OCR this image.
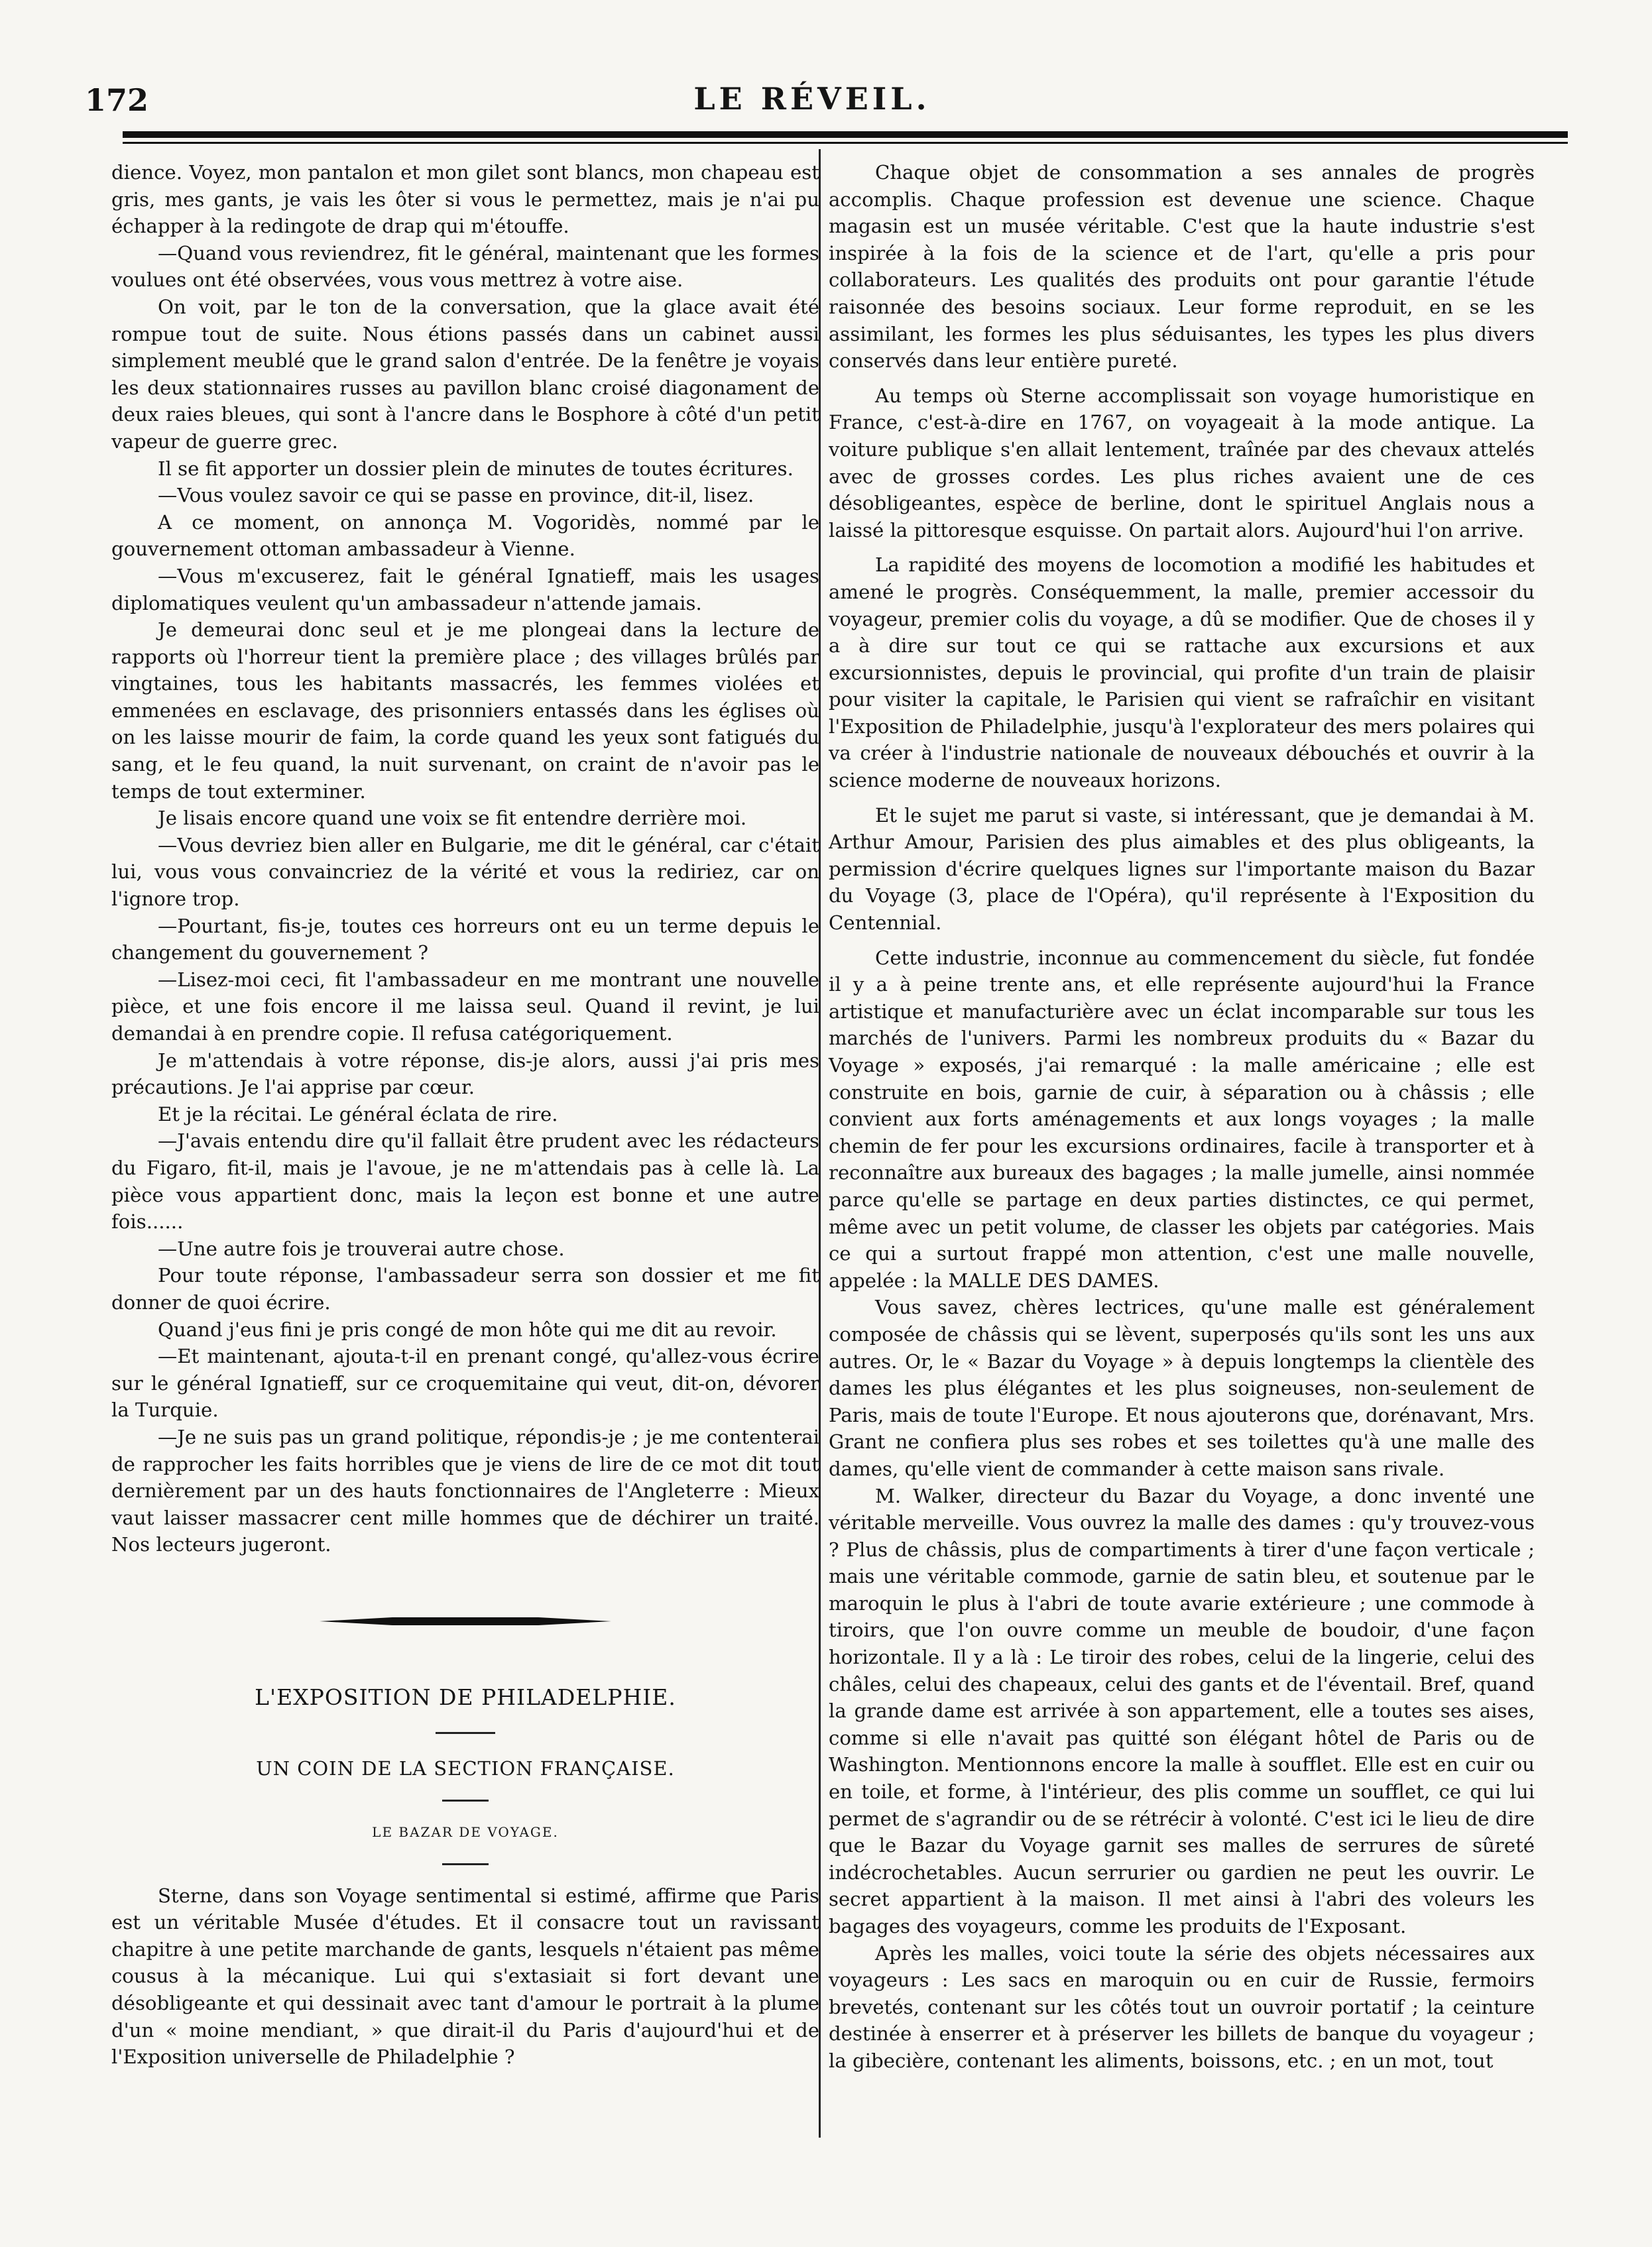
172	LE RÉVEIL.

dience. Voyez, mon pantalon et mon gilet sont blancs, mon chapeau est gris, mes gants, je vais les ôter si vous le permettez, mais je n'ai pu échapper à la redingote de drap qui m'étouffe.

—Quand vous reviendrez, fit le général, maintenant que les formes voulues ont été observées, vous vous mettrez à votre aise.

On voit, par le ton de la conversation, que la glace avait été rompue tout de suite. Nous étions passés dans un cabinet aussi simplement meublé que le grand salon d'entrée. De la fenêtre je voyais les deux stationnaires russes au pavillon blanc croisé diagonament de deux raies bleues, qui sont à l'ancre dans le Bosphore à côté d'un petit vapeur de guerre grec.

Il se fit apporter un dossier plein de minutes de toutes écritures.

—Vous voulez savoir ce qui se passe en province, dit-il, lisez.

A ce moment, on annonça M. Vogoridès, nommé par le gouvernement ottoman ambassadeur à Vienne.

—Vous m'excuserez, fait le général Ignatieff, mais les usages diplomatiques veulent qu'un ambassadeur n'attende jamais.

Je demeurai donc seul et je me plongeai dans la lecture de rapports où l'horreur tient la première place ; des villages brûlés par vingtaines, tous les habitants massacrés, les femmes violées et emmenées en esclavage, des prisonniers entassés dans les églises où on les laisse mourir de faim, la corde quand les yeux sont fatigués du sang, et le feu quand, la nuit survenant, on craint de n'avoir pas le temps de tout exterminer.

Je lisais encore quand une voix se fit entendre derrière moi.

—Vous devriez bien aller en Bulgarie, me dit le général, car c'était lui, vous vous convaincriez de la vérité et vous la rediriez, car on l'ignore trop.

—Pourtant, fis-je, toutes ces horreurs ont eu un terme depuis le changement du gouvernement ?

—Lisez-moi ceci, fit l'ambassadeur en me montrant une nouvelle pièce, et une fois encore il me laissa seul. Quand il revint, je lui demandai à en prendre copie. Il refusa catégoriquement.

Je m'attendais à votre réponse, dis-je alors, aussi j'ai pris mes précautions. Je l'ai apprise par cœur.

Et je la récitai. Le général éclata de rire.

—J'avais entendu dire qu'il fallait être prudent avec les rédacteurs du Figaro, fit-il, mais je l'avoue, je ne m'attendais pas à celle là. La pièce vous appartient donc, mais la leçon est bonne et une autre fois......

—Une autre fois je trouverai autre chose.

Pour toute réponse, l'ambassadeur serra son dossier et me fit donner de quoi écrire.

Quand j'eus fini je pris congé de mon hôte qui me dit au revoir.

—Et maintenant, ajouta-t-il en prenant congé, qu'allez-vous écrire sur le général Ignatieff, sur ce croquemitaine qui veut, dit-on, dévorer la Turquie.

—Je ne suis pas un grand politique, répondis-je ; je me contenterai de rapprocher les faits horribles que je viens de lire de ce mot dit tout dernièrement par un des hauts fonctionnaires de l'Angleterre : Mieux vaut laisser massacrer cent mille hommes que de déchirer un traité. Nos lecteurs jugeront.

L'EXPOSITION DE PHILADELPHIE.
UN COIN DE LA SECTION FRANÇAISE.
LE BAZAR DE VOYAGE.

Sterne, dans son Voyage sentimental si estimé, affirme que Paris est un véritable Musée d'études. Et il consacre tout un ravissant chapitre à une petite marchande de gants, lesquels n'étaient pas même cousus à la mécanique. Lui qui s'extasiait si fort devant une désobligeante et qui dessinait avec tant d'amour le portrait à la plume d'un « moine mendiant, » que dirait-il du Paris d'aujourd'hui et de l'Exposition universelle de Philadelphie ?

Chaque objet de consommation a ses annales de progrès accomplis. Chaque profession est devenue une science. Chaque magasin est un musée véritable. C'est que la haute industrie s'est inspirée à la fois de la science et de l'art, qu'elle a pris pour collaborateurs. Les qualités des produits ont pour garantie l'étude raisonnée des besoins sociaux. Leur forme reproduit, en se les assimilant, les formes les plus séduisantes, les types les plus divers conservés dans leur entière pureté.

Au temps où Sterne accomplissait son voyage humoristique en France, c'est-à-dire en 1767, on voyageait à la mode antique. La voiture publique s'en allait lentement, traînée par des chevaux attelés avec de grosses cordes. Les plus riches avaient une de ces désobligeantes, espèce de berline, dont le spirituel Anglais nous a laissé la pittoresque esquisse. On partait alors. Aujourd'hui l'on arrive.

La rapidité des moyens de locomotion a modifié les habitudes et amené le progrès. Conséquemment, la malle, premier accessoir du voyageur, premier colis du voyage, a dû se modifier. Que de choses il y a à dire sur tout ce qui se rattache aux excursions et aux excursionnistes, depuis le provincial, qui profite d'un train de plaisir pour visiter la capitale, le Parisien qui vient se rafraîchir en visitant l'Exposition de Philadelphie, jusqu'à l'explorateur des mers polaires qui va créer à l'industrie nationale de nouveaux débouchés et ouvrir à la science moderne de nouveaux horizons.

Et le sujet me parut si vaste, si intéressant, que je demandai à M. Arthur Amour, Parisien des plus aimables et des plus obligeants, la permission d'écrire quelques lignes sur l'importante maison du Bazar du Voyage (3, place de l'Opéra), qu'il représente à l'Exposition du Centennial.

Cette industrie, inconnue au commencement du siècle, fut fondée il y a à peine trente ans, et elle représente aujourd'hui la France artistique et manufacturière avec un éclat incomparable sur tous les marchés de l'univers. Parmi les nombreux produits du « Bazar du Voyage » exposés, j'ai remarqué : la malle américaine ; elle est construite en bois, garnie de cuir, à séparation ou à châssis ; elle convient aux forts aménagements et aux longs voyages ; la malle chemin de fer pour les excursions ordinaires, facile à transporter et à reconnaître aux bureaux des bagages ; la malle jumelle, ainsi nommée parce qu'elle se partage en deux parties distinctes, ce qui permet, même avec un petit volume, de classer les objets par catégories. Mais ce qui a surtout frappé mon attention, c'est une malle nouvelle, appelée : la MALLE DES DAMES.

Vous savez, chères lectrices, qu'une malle est généralement composée de châssis qui se lèvent, superposés qu'ils sont les uns aux autres. Or, le « Bazar du Voyage » à depuis longtemps la clientèle des dames les plus élégantes et les plus soigneuses, non-seulement de Paris, mais de toute l'Europe. Et nous ajouterons que, dorénavant, Mrs. Grant ne confiera plus ses robes et ses toilettes qu'à une malle des dames, qu'elle vient de commander à cette maison sans rivale.

M. Walker, directeur du Bazar du Voyage, a donc inventé une véritable merveille. Vous ouvrez la malle des dames : qu'y trouvez-vous ? Plus de châssis, plus de compartiments à tirer d'une façon verticale ; mais une véritable commode, garnie de satin bleu, et soutenue par le maroquin le plus à l'abri de toute avarie extérieure ; une commode à tiroirs, que l'on ouvre comme un meuble de boudoir, d'une façon horizontale. Il y a là : Le tiroir des robes, celui de la lingerie, celui des châles, celui des chapeaux, celui des gants et de l'éventail. Bref, quand la grande dame est arrivée à son appartement, elle a toutes ses aises, comme si elle n'avait pas quitté son élégant hôtel de Paris ou de Washington. Mentionnons encore la malle à soufflet. Elle est en cuir ou en toile, et forme, à l'intérieur, des plis comme un soufflet, ce qui lui permet de s'agrandir ou de se rétrécir à volonté. C'est ici le lieu de dire que le Bazar du Voyage garnit ses malles de serrures de sûreté indécrochetables. Aucun serrurier ou gardien ne peut les ouvrir. Le secret appartient à la maison. Il met ainsi à l'abri des voleurs les bagages des voyageurs, comme les produits de l'Exposant.

Après les malles, voici toute la série des objets nécessaires aux voyageurs : Les sacs en maroquin ou en cuir de Russie, fermoirs brevetés, contenant sur les côtés tout un ouvroir portatif ; la ceinture destinée à enserrer et à préserver les billets de banque du voyageur ; la gibecière, contenant les aliments, boissons, etc. ; en un mot, tout
